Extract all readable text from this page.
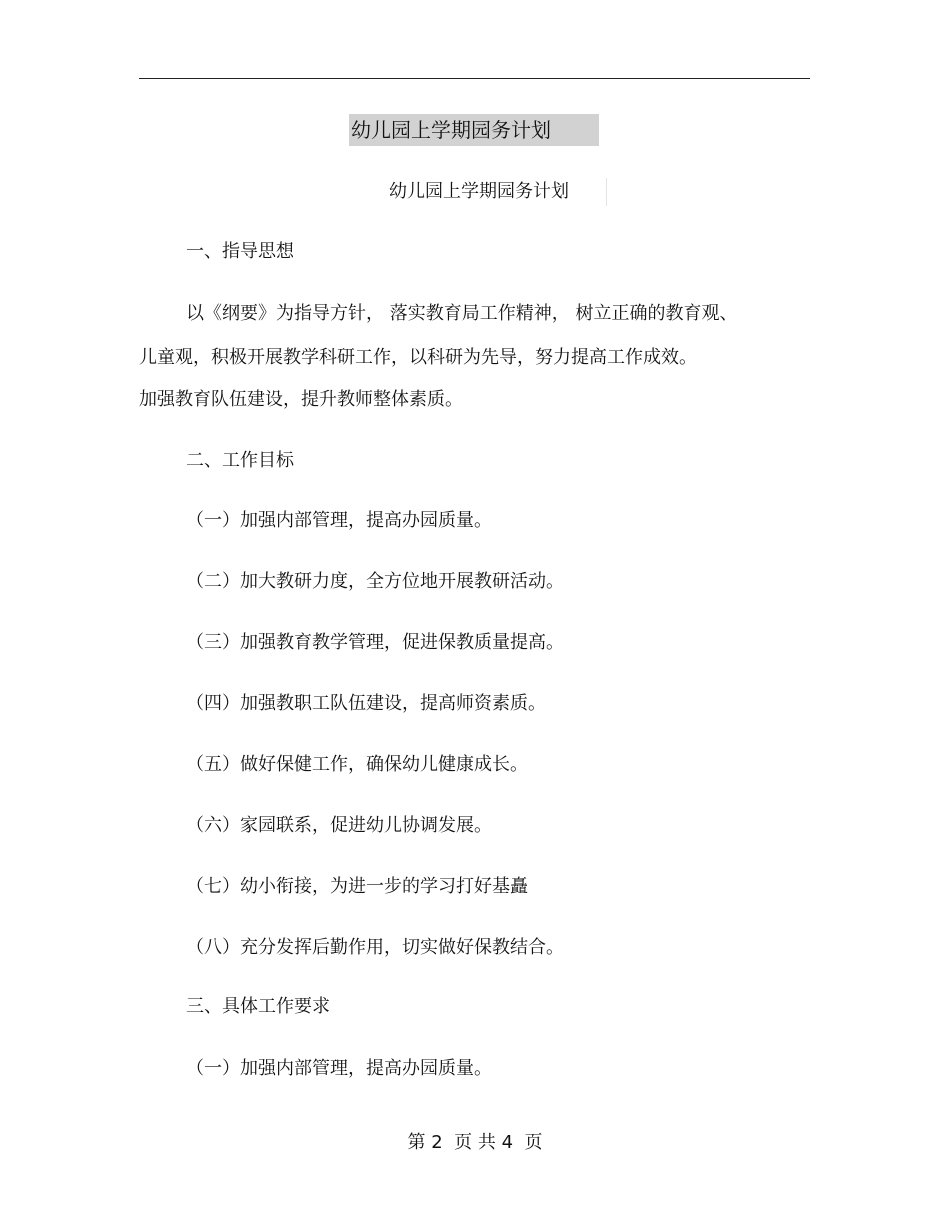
幼儿园上学期园务计划
幼儿园上学期园务计划
一、指导思想
以《纲要》为指导方针， 落实教育局工作精神， 树立正确的教育观、
儿童观，积极开展教学科研工作，以科研为先导，努力提高工作成效。
加强教育队伍建设，提升教师整体素质。
二、工作目标
（一）加强内部管理，提高办园质量。
（二）加大教研力度，全方位地开展教研活动。
（三）加强教育教学管理，促进保教质量提高。
（四）加强教职工队伍建设，提高师资素质。
（五）做好保健工作，确保幼儿健康成长。
（六）家园联系，促进幼儿协调发展。
（七）幼小衔接，为进一步的学习打好基矗
（八）充分发挥后勤作用，切实做好保教结合。
三、具体工作要求
（一）加强内部管理，提高办园质量。
第 2  页 共 4  页
